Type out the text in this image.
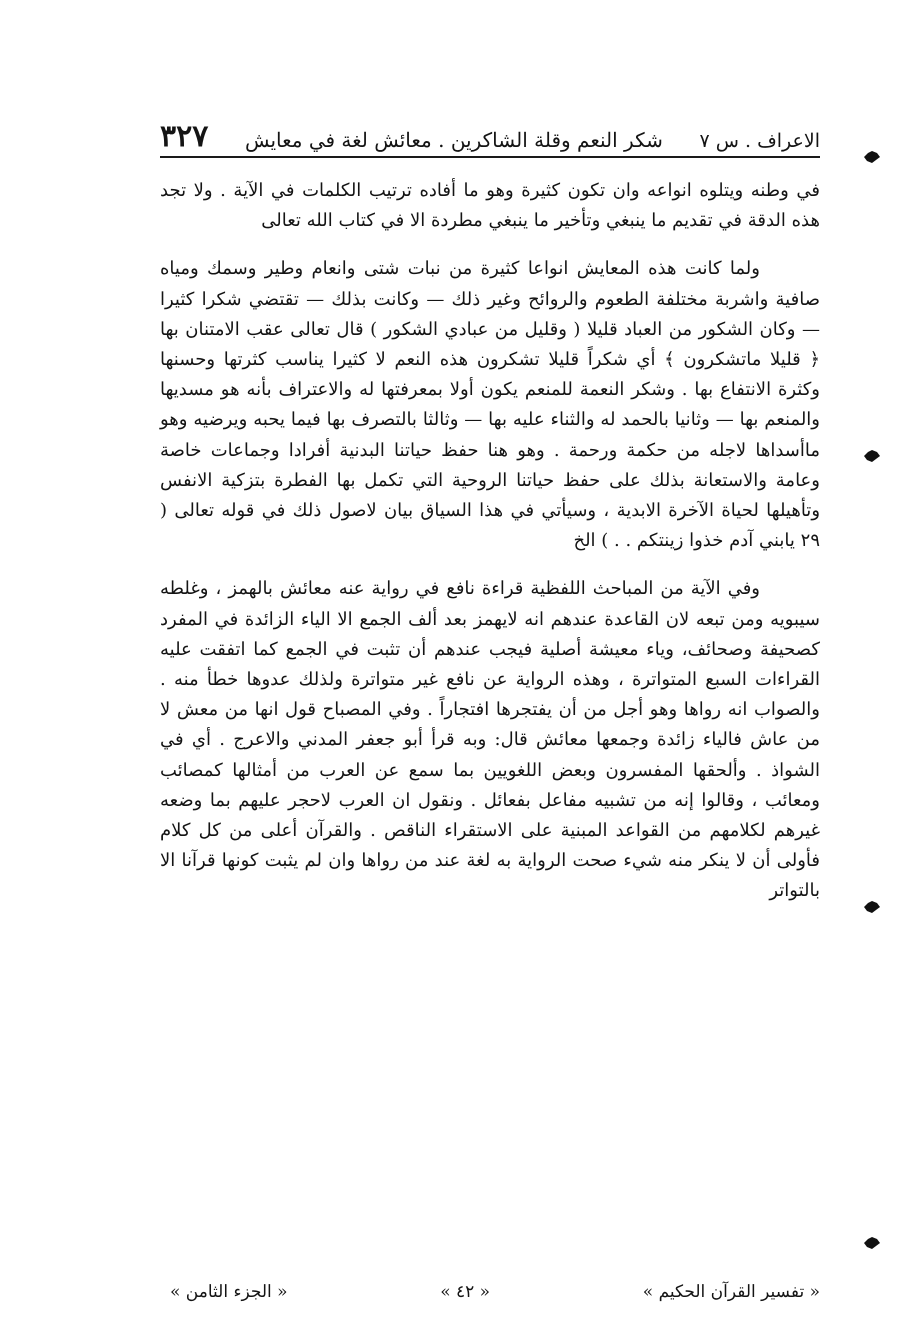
الاعراف . س ٧
شكر النعم وقلة الشاكرين . معائش لغة في معايش
٣٢٧

في وطنه ويتلوه انواعه وان تكون كثيرة وهو ما أفاده ترتيب الكلمات في الآية . ولا تجد هذه الدقة في تقديم ما ينبغي وتأخير ما ينبغي مطردة الا في كتاب الله تعالى

ولما كانت هذه المعايش انواعا كثيرة من نبات شتى وانعام وطير وسمك ومياه صافية واشربة مختلفة الطعوم والروائح وغير ذلك — وكانت بذلك — تقتضي شكرا كثيرا — وكان الشكور من العباد قليلا ( وقليل من عبادي الشكور ) قال تعالى عقب الامتنان بها ﴿ قليلا ماتشكرون ﴾ أي شكراً قليلا تشكرون هذه النعم لا كثيرا يناسب كثرتها وحسنها وكثرة الانتفاع بها . وشكر النعمة للمنعم يكون أولا بمعرفتها له والاعتراف بأنه هو مسديها والمنعم بها — وثانيا بالحمد له والثناء عليه بها — وثالثا بالتصرف بها فيما يحبه ويرضيه وهو ماأسداها لاجله من حكمة ورحمة . وهو هنا حفظ حياتنا البدنية أفرادا وجماعات خاصة وعامة والاستعانة بذلك على حفظ حياتنا الروحية التي تكمل بها الفطرة بتزكية الانفس وتأهيلها لحياة الآخرة الابدية ، وسيأتي في هذا السياق بيان لاصول ذلك في قوله تعالى ( ٢٩ يابني آدم خذوا زينتكم . . ) الخ

وفي الآية من المباحث اللفظية قراءة نافع في رواية عنه معائش بالهمز ، وغلطه سيبويه ومن تبعه لان القاعدة عندهم انه لايهمز بعد ألف الجمع الا الياء الزائدة في المفرد كصحيفة وصحائف، وياء معيشة أصلية فيجب عندهم أن تثبت في الجمع كما اتفقت عليه القراءات السبع المتواترة ، وهذه الرواية عن نافع غير متواترة ولذلك عدوها خطأ منه . والصواب انه رواها وهو أجل من أن يفتجرها افتجاراً . وفي المصباح قول انها من معش لا من عاش فالياء زائدة وجمعها معائش قال: وبه قرأ أبو جعفر المدني والاعرج . أي في الشواذ . وألحقها المفسرون وبعض اللغويين بما سمع عن العرب من أمثالها كمصائب ومعائب ، وقالوا إنه من تشبيه مفاعل بفعائل . ونقول ان العرب لاحجر عليهم بما وضعه غيرهم لكلامهم من القواعد المبنية على الاستقراء الناقص . والقرآن أعلى من كل كلام فأولى أن لا ينكر منه شيء صحت الرواية به لغة عند من رواها وان لم يثبت كونها قرآنا الا بالتواتر

« تفسير القرآن الحكيم »
« ٤٢ »
« الجزء الثامن »
